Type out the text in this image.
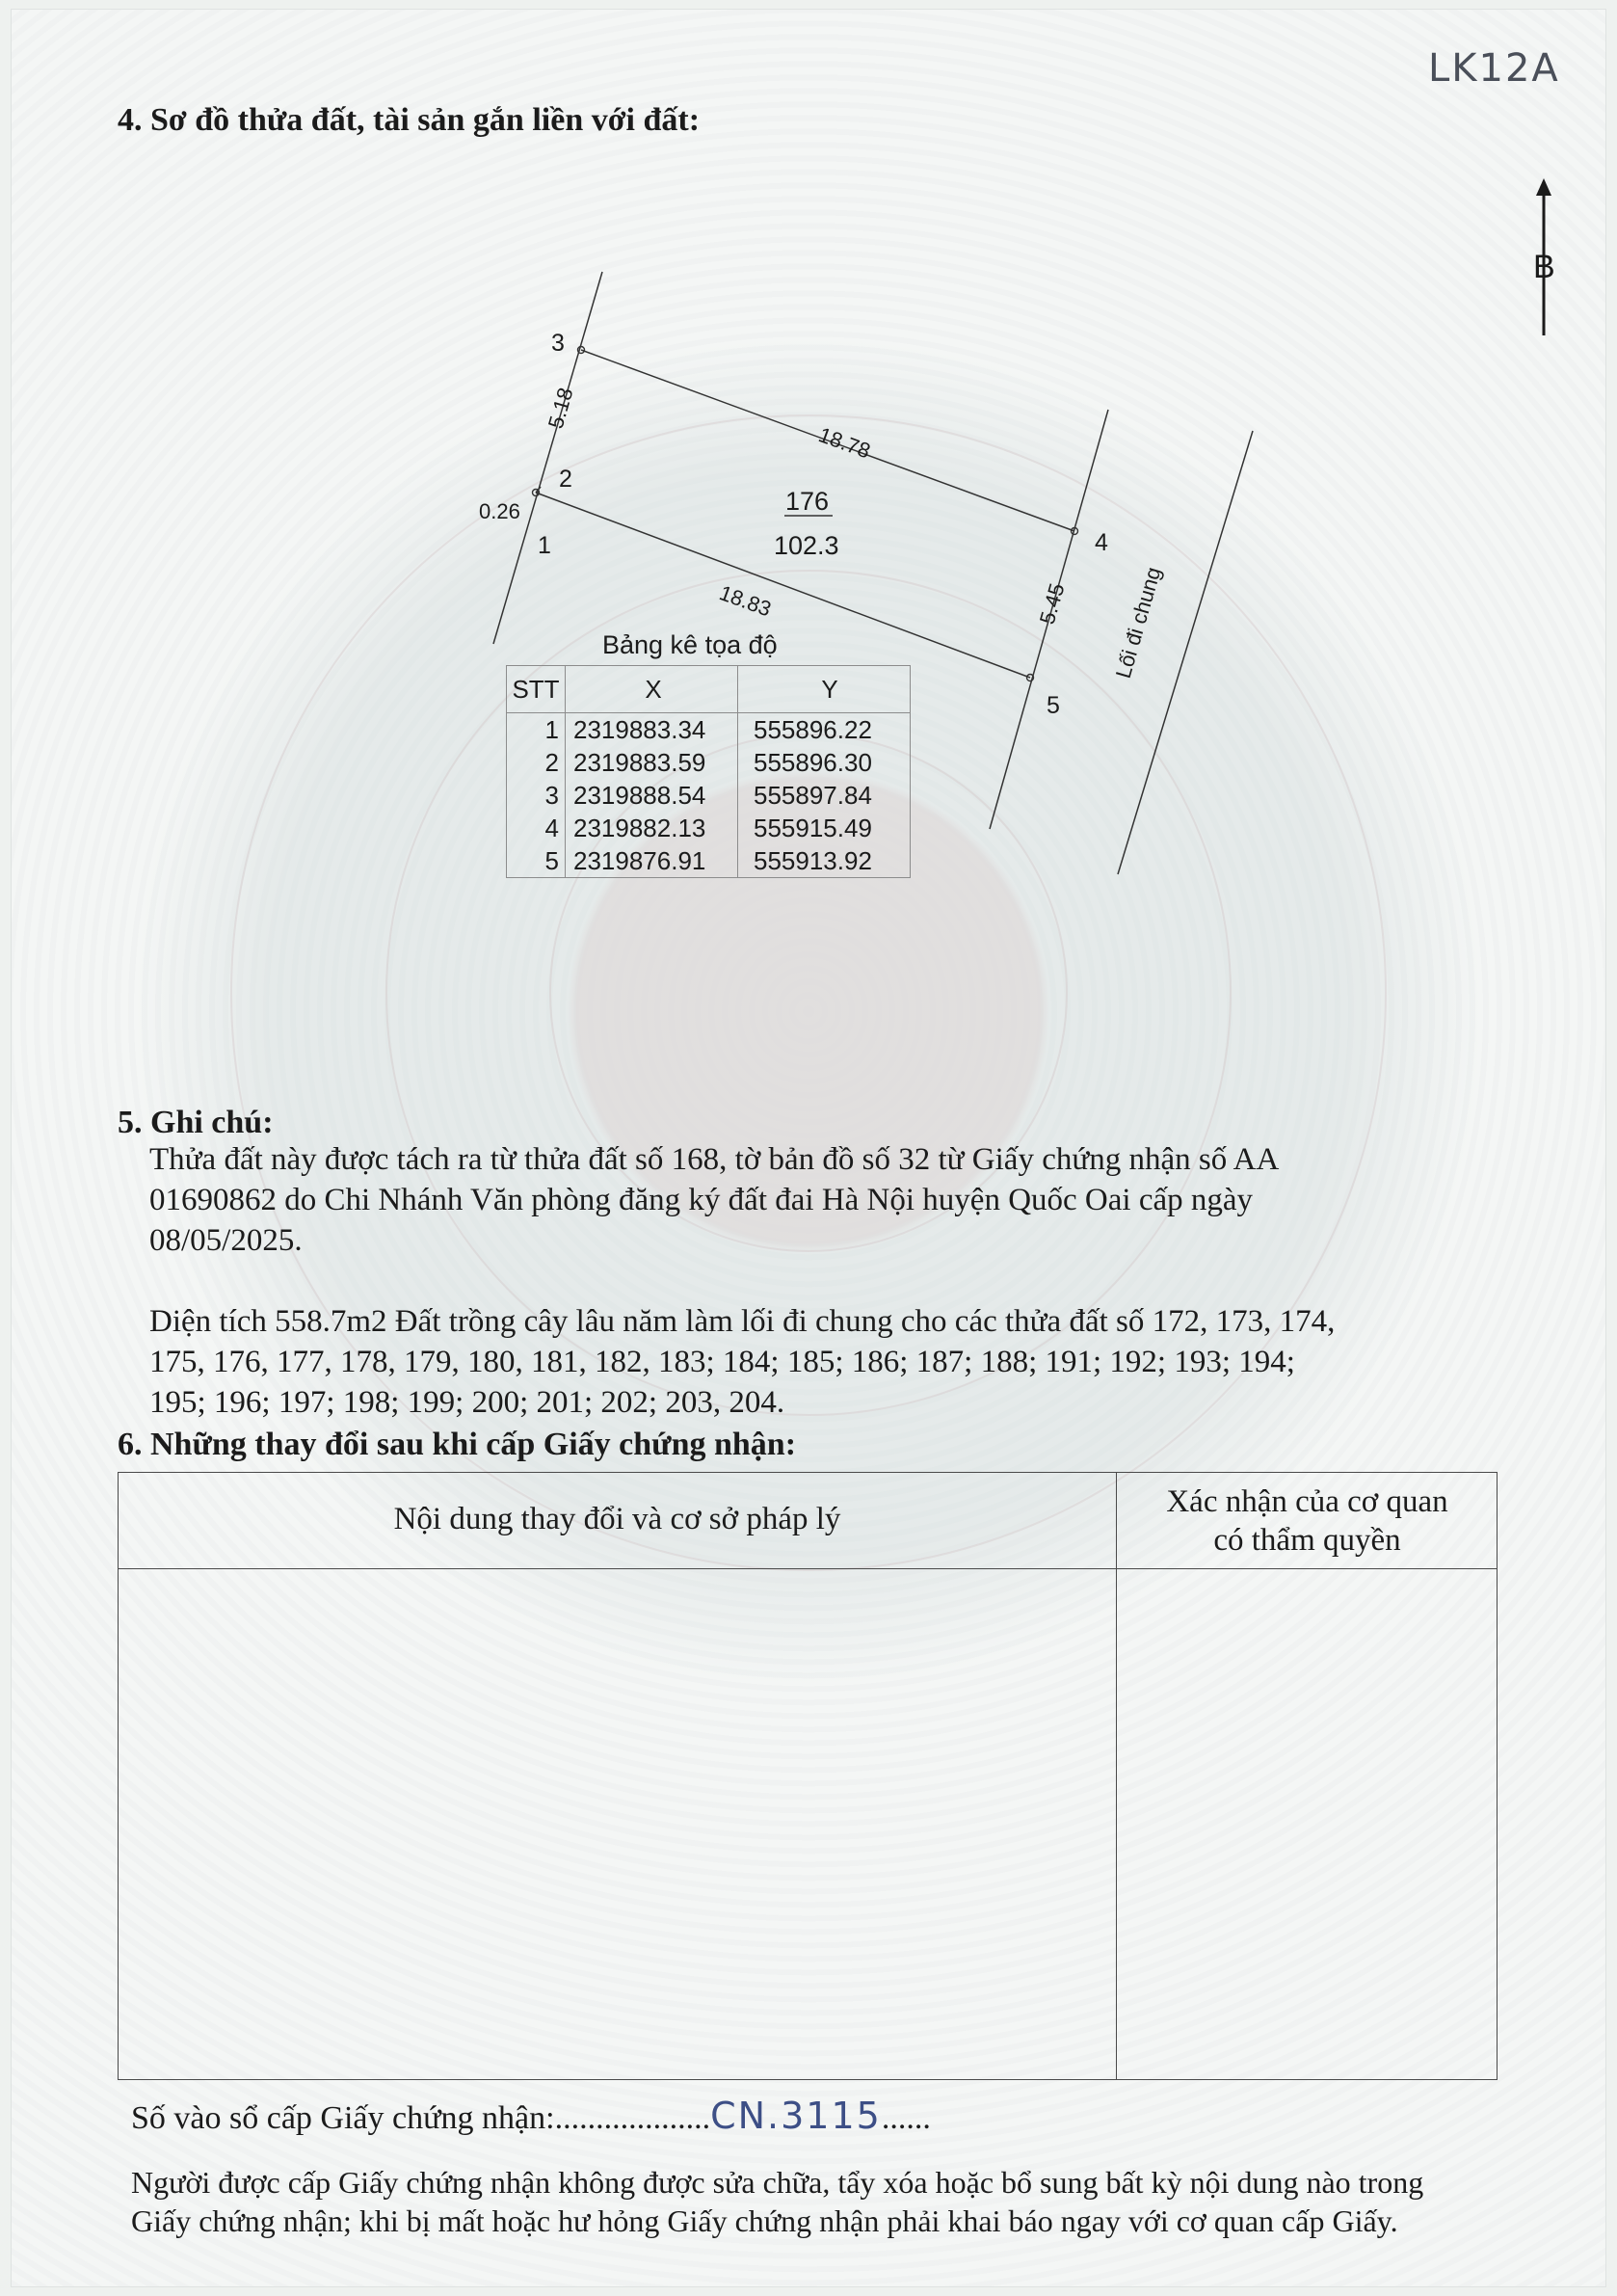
LK12A
4. Sơ đồ thửa đất, tài sản gắn liền với đất:
B
3
2
1	4
5
0.26
5.18
18.78
5.45
18.83
176
102.3
Lối đi chung
Bảng kê tọa độ
STT	X	Y
1	2319883.34	555896.22
2	2319883.59	555896.30
3	2319888.54	555897.84
4	2319882.13	555915.49
5	2319876.91	555913.92
5. Ghi chú:
Thửa đất này được tách ra từ thửa đất số 168, tờ bản đồ số 32 từ Giấy chứng nhận số AA
01690862 do Chi Nhánh Văn phòng đăng ký đất đai Hà Nội huyện Quốc Oai cấp ngày
08/05/2025.
Diện tích 558.7m2 Đất trồng cây lâu năm làm lối đi chung cho các thửa đất số 172, 173, 174,
175, 176, 177, 178, 179, 180, 181, 182, 183; 184; 185; 186; 187; 188; 191; 192; 193; 194;
195; 196; 197; 198; 199; 200; 201; 202; 203, 204.
6. Những thay đổi sau khi cấp Giấy chứng nhận:
Nội dung thay đổi và cơ sở pháp lý	Xác nhận của cơ quan
có thẩm quyền
Số vào sổ cấp Giấy chứng nhận:...................CN.3115......
Người được cấp Giấy chứng nhận không được sửa chữa, tẩy xóa hoặc bổ sung bất kỳ nội dung nào trong
Giấy chứng nhận; khi bị mất hoặc hư hỏng Giấy chứng nhận phải khai báo ngay với cơ quan cấp Giấy.
